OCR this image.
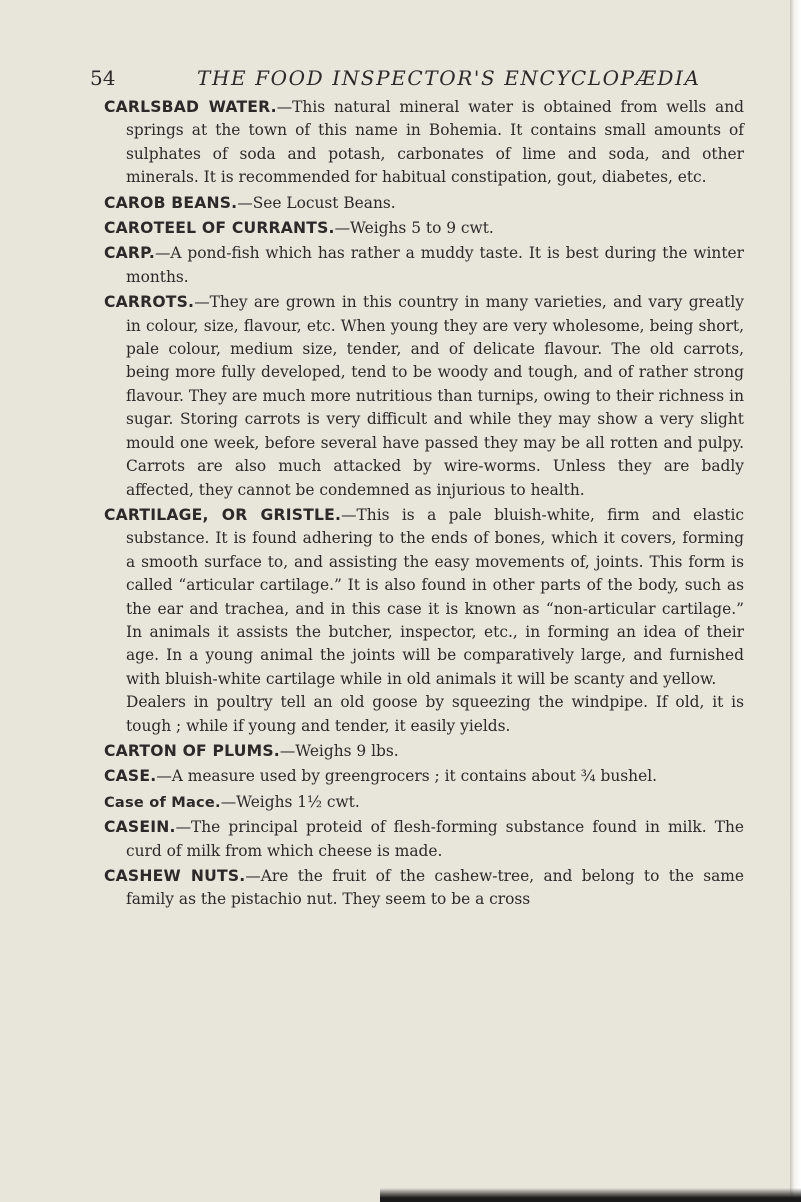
54	THE FOOD INSPECTOR'S ENCYCLOPÆDIA

CARLSBAD WATER.—This natural mineral water is obtained from wells and springs at the town of this name in Bohemia. It contains small amounts of sulphates of soda and potash, carbonates of lime and soda, and other minerals. It is recommended for habitual constipation, gout, diabetes, etc.

CAROB BEANS.—See Locust Beans.

CAROTEEL OF CURRANTS.—Weighs 5 to 9 cwt.

CARP.—A pond-fish which has rather a muddy taste. It is best during the winter months.

CARROTS.—They are grown in this country in many varieties, and vary greatly in colour, size, flavour, etc. When young they are very wholesome, being short, pale colour, medium size, tender, and of delicate flavour. The old carrots, being more fully developed, tend to be woody and tough, and of rather strong flavour. They are much more nutritious than turnips, owing to their richness in sugar. Storing carrots is very difficult and while they may show a very slight mould one week, before several have passed they may be all rotten and pulpy. Carrots are also much attacked by wire-worms. Unless they are badly affected, they cannot be condemned as injurious to health.

CARTILAGE, OR GRISTLE.—This is a pale bluish-white, firm and elastic substance. It is found adhering to the ends of bones, which it covers, forming a smooth surface to, and assisting the easy movements of, joints. This form is called “articular cartilage.” It is also found in other parts of the body, such as the ear and trachea, and in this case it is known as “non-articular cartilage.” In animals it assists the butcher, inspector, etc., in forming an idea of their age. In a young animal the joints will be comparatively large, and furnished with bluish-white cartilage while in old animals it will be scanty and yellow.

Dealers in poultry tell an old goose by squeezing the windpipe. If old, it is tough ; while if young and tender, it easily yields.

CARTON OF PLUMS.—Weighs 9 lbs.

CASE.—A measure used by greengrocers ; it contains about ¾ bushel.

Case of Mace.—Weighs 1½ cwt.

CASEIN.—The principal proteid of flesh-forming substance found in milk. The curd of milk from which cheese is made.

CASHEW NUTS.—Are the fruit of the cashew-tree, and belong to the same family as the pistachio nut. They seem to be a cross
